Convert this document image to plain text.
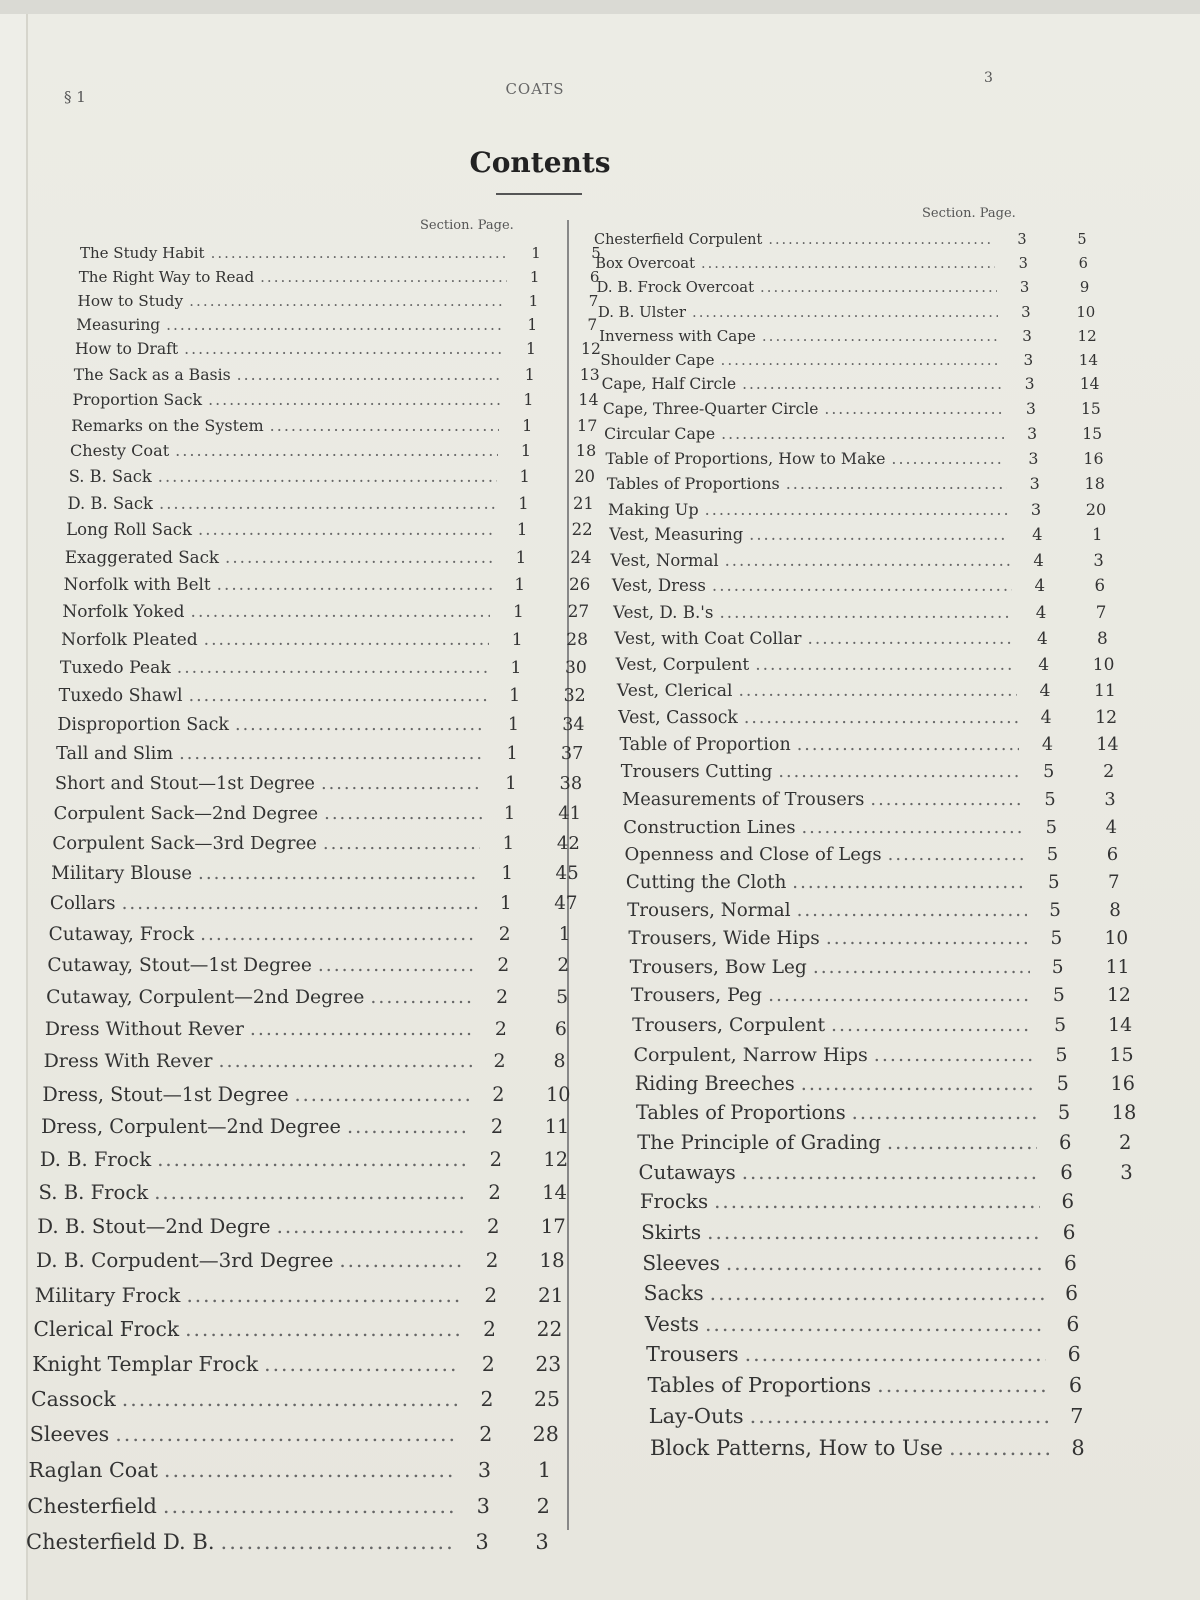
§ 1	COATS
3
Contents
Section. Page.
Section. Page.
The Study Habit .....	1	5
The Right Way to Read .....	1	6
How to Study .....	1	7
Measuring .....	1	7
How to Draft .....	1	12
The Sack as a Basis .....	1	13
Proportion Sack .....	1	14
Remarks on the System .....	1	17
Chesty Coat .....	1	18
S. B. Sack .....	1	20
D. B. Sack .....	1	21
Long Roll Sack .....	1	22
Exaggerated Sack .....	1	24
Norfolk with Belt .....	1	26
Norfolk Yoked .....	1	27
Norfolk Pleated .....	1	28
Tuxedo Peak .....	1	30
Tuxedo Shawl .....	1	32
Disproportion Sack .....	1	34
Tall and Slim .....	1	37
Short and Stout—1st Degree .....	1	38
Corpulent Sack—2nd Degree .....	1	41
Corpulent Sack—3rd Degree .....	1	42
Military Blouse .....	1	45
Collars .....	1	47
Cutaway, Frock .....	2	1
Cutaway, Stout—1st Degree .....	2	2
Cutaway, Corpulent—2nd Degree .....	2	5
Dress Without Rever .....	2	6
Dress With Rever .....	2	8
Dress, Stout—1st Degree .....	2	10
Dress, Corpulent—2nd Degree .....	2	11
D. B. Frock .....	2	12
S. B. Frock .....	2	14
D. B. Stout—2nd Degre .....	2	17
D. B. Corpudent—3rd Degree .....	2	18
Military Frock .....	2	21
Clerical Frock .....	2	22
Knight Templar Frock .....	2	23
Cassock .....	2	25
Sleeves .....	2	28
Raglan Coat .....	3	1
Chesterfield .....	3	2
Chesterfield D. B. .....	3	3
Chesterfield Corpulent .....	3	5
Box Overcoat .....	3	6
D. B. Frock Overcoat .....	3	9
D. B. Ulster .....	3	10
Inverness with Cape .....	3	12
Shoulder Cape .....	3	14
Cape, Half Circle .....	3	14
Cape, Three-Quarter Circle .....	3	15
Circular Cape .....	3	15
Table of Proportions, How to Make .....	3	16
Tables of Proportions .....	3	18
Making Up .....	3	20
Vest, Measuring .....	4	1
Vest, Normal .....	4	3
Vest, Dress .....	4	6
Vest, D. B.'s .....	4	7
Vest, with Coat Collar .....	4	8
Vest, Corpulent .....	4	10
Vest, Clerical .....	4	11
Vest, Cassock .....	4	12
Table of Proportion .....	4	14
Trousers Cutting .....	5	2
Measurements of Trousers .....	5	3
Construction Lines .....	5	4
Openness and Close of Legs .....	5	6
Cutting the Cloth .....	5	7
Trousers, Normal .....	5	8
Trousers, Wide Hips .....	5	10
Trousers, Bow Leg .....	5	11
Trousers, Peg .....	5	12
Trousers, Corpulent .....	5	14
Corpulent, Narrow Hips .....	5	15
Riding Breeches .....	5	16
Tables of Proportions .....	5	18
The Principle of Grading .....	6	2
Cutaways .....	6	3
Frocks .....	6
Skirts .....	6
Sleeves .....	6
Sacks .....	6
Vests .....	6
Trousers .....	6
Tables of Proportions .....	6
Lay-Outs .....	7
Block Patterns, How to Use .....	8
